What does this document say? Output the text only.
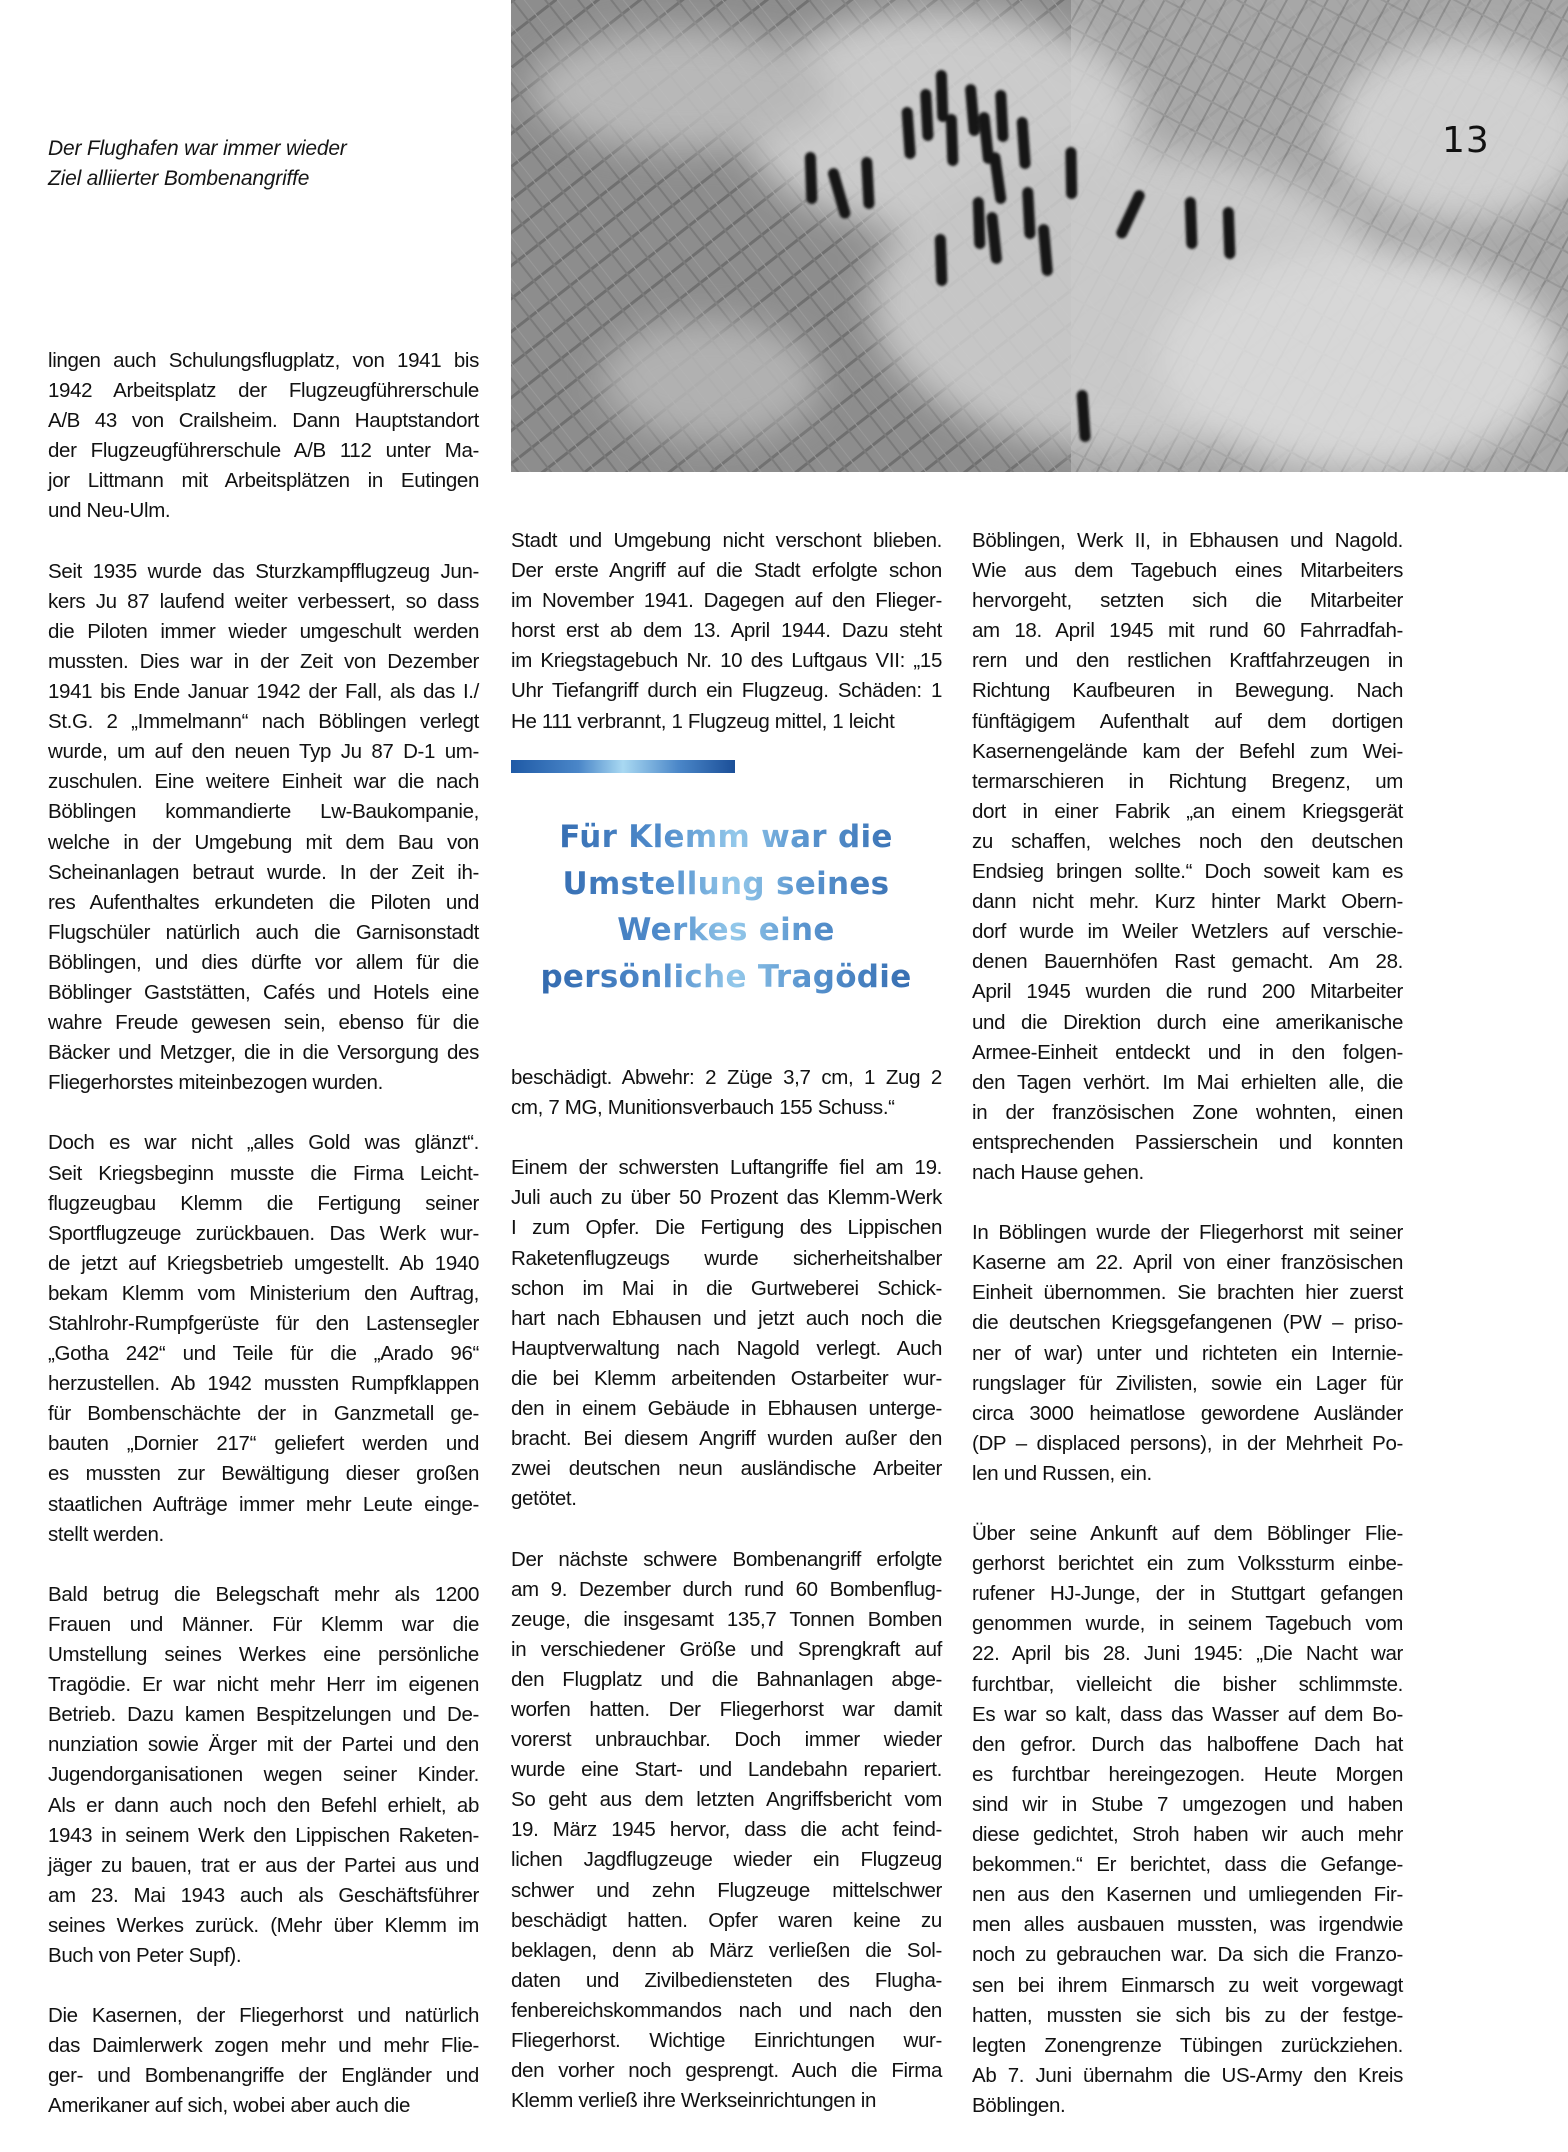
13
Der Flughafen war immer wieder
Ziel alliierter Bombenangriffe
lingen auch Schulungsflugplatz, von 1941 bis
1942 Arbeitsplatz der Flugzeugführerschule
A/B 43 von Crailsheim. Dann Hauptstandort
der Flugzeugführerschule A/B 112 unter Ma-
jor Littmann mit Arbeitsplätzen in Eutingen
und Neu-Ulm.
Seit 1935 wurde das Sturzkampfflugzeug Jun-
kers Ju 87 laufend weiter verbessert, so dass
die Piloten immer wieder umgeschult werden
mussten. Dies war in der Zeit von Dezember
1941 bis Ende Januar 1942 der Fall, als das I./
St.G. 2 „Immelmann“ nach Böblingen verlegt
wurde, um auf den neuen Typ Ju 87 D-1 um-
zuschulen. Eine weitere Einheit war die nach
Böblingen kommandierte Lw-Baukompanie,
welche in der Umgebung mit dem Bau von
Scheinanlagen betraut wurde. In der Zeit ih-
res Aufenthaltes erkundeten die Piloten und
Flugschüler natürlich auch die Garnisonstadt
Böblingen, und dies dürfte vor allem für die
Böblinger Gaststätten, Cafés und Hotels eine
wahre Freude gewesen sein, ebenso für die
Bäcker und Metzger, die in die Versorgung des
Fliegerhorstes miteinbezogen wurden.
Doch es war nicht „alles Gold was glänzt“.
Seit Kriegsbeginn musste die Firma Leicht-
flugzeugbau Klemm die Fertigung seiner
Sportflugzeuge zurückbauen. Das Werk wur-
de jetzt auf Kriegsbetrieb umgestellt. Ab 1940
bekam Klemm vom Ministerium den Auftrag,
Stahlrohr-Rumpfgerüste für den Lastensegler
„Gotha 242“ und Teile für die „Arado 96“
herzustellen. Ab 1942 mussten Rumpfklappen
für Bombenschächte der in Ganzmetall ge-
bauten „Dornier 217“ geliefert werden und
es mussten zur Bewältigung dieser großen
staatlichen Aufträge immer mehr Leute einge-
stellt werden.
Bald betrug die Belegschaft mehr als 1200
Frauen und Männer. Für Klemm war die
Umstellung seines Werkes eine persönliche
Tragödie. Er war nicht mehr Herr im eigenen
Betrieb. Dazu kamen Bespitzelungen und De-
nunziation sowie Ärger mit der Partei und den
Jugendorganisationen wegen seiner Kinder.
Als er dann auch noch den Befehl erhielt, ab
1943 in seinem Werk den Lippischen Raketen-
jäger zu bauen, trat er aus der Partei aus und
am 23. Mai 1943 auch als Geschäftsführer
seines Werkes zurück. (Mehr über Klemm im
Buch von Peter Supf).
Die Kasernen, der Fliegerhorst und natürlich
das Daimlerwerk zogen mehr und mehr Flie-
ger- und Bombenangriffe der Engländer und
Amerikaner auf sich, wobei aber auch die
Stadt und Umgebung nicht verschont blieben.
Der erste Angriff auf die Stadt erfolgte schon
im November 1941. Dagegen auf den Flieger-
horst erst ab dem 13. April 1944. Dazu steht
im Kriegstagebuch Nr. 10 des Luftgaus VII: „15
Uhr Tiefangriff durch ein Flugzeug. Schäden: 1
He 111 verbrannt, 1 Flugzeug mittel, 1 leicht
Für Klemm war die
Umstellung seines
Werkes eine
persönliche Tragödie
beschädigt. Abwehr: 2 Züge 3,7 cm, 1 Zug 2
cm, 7 MG, Munitionsverbauch 155 Schuss.“
Einem der schwersten Luftangriffe fiel am 19.
Juli auch zu über 50 Prozent das Klemm-Werk
I zum Opfer. Die Fertigung des Lippischen
Raketenflugzeugs wurde sicherheitshalber
schon im Mai in die Gurtweberei Schick-
hart nach Ebhausen und jetzt auch noch die
Hauptverwaltung nach Nagold verlegt. Auch
die bei Klemm arbeitenden Ostarbeiter wur-
den in einem Gebäude in Ebhausen unterge-
bracht. Bei diesem Angriff wurden außer den
zwei deutschen neun ausländische Arbeiter
getötet.
Der nächste schwere Bombenangriff erfolgte
am 9. Dezember durch rund 60 Bombenflug-
zeuge, die insgesamt 135,7 Tonnen Bomben
in verschiedener Größe und Sprengkraft auf
den Flugplatz und die Bahnanlagen abge-
worfen hatten. Der Fliegerhorst war damit
vorerst unbrauchbar. Doch immer wieder
wurde eine Start- und Landebahn repariert.
So geht aus dem letzten Angriffsbericht vom
19. März 1945 hervor, dass die acht feind-
lichen Jagdflugzeuge wieder ein Flugzeug
schwer und zehn Flugzeuge mittelschwer
beschädigt hatten. Opfer waren keine zu
beklagen, denn ab März verließen die Sol-
daten und Zivilbediensteten des Flugha-
fenbereichskommandos nach und nach den
Fliegerhorst. Wichtige Einrichtungen wur-
den vorher noch gesprengt. Auch die Firma
Klemm verließ ihre Werkseinrichtungen in
Böblingen, Werk II, in Ebhausen und Nagold.
Wie aus dem Tagebuch eines Mitarbeiters
hervorgeht, setzten sich die Mitarbeiter
am 18. April 1945 mit rund 60 Fahrradfah-
rern und den restlichen Kraftfahrzeugen in
Richtung Kaufbeuren in Bewegung. Nach
fünftägigem Aufenthalt auf dem dortigen
Kasernengelände kam der Befehl zum Wei-
termarschieren in Richtung Bregenz, um
dort in einer Fabrik „an einem Kriegsgerät
zu schaffen, welches noch den deutschen
Endsieg bringen sollte.“ Doch soweit kam es
dann nicht mehr. Kurz hinter Markt Obern-
dorf wurde im Weiler Wetzlers auf verschie-
denen Bauernhöfen Rast gemacht. Am 28.
April 1945 wurden die rund 200 Mitarbeiter
und die Direktion durch eine amerikanische
Armee-Einheit entdeckt und in den folgen-
den Tagen verhört. Im Mai erhielten alle, die
in der französischen Zone wohnten, einen
entsprechenden Passierschein und konnten
nach Hause gehen.
In Böblingen wurde der Fliegerhorst mit seiner
Kaserne am 22. April von einer französischen
Einheit übernommen. Sie brachten hier zuerst
die deutschen Kriegsgefangenen (PW – priso-
ner of war) unter und richteten ein Internie-
rungslager für Zivilisten, sowie ein Lager für
circa 3000 heimatlose gewordene Ausländer
(DP – displaced persons), in der Mehrheit Po-
len und Russen, ein.
Über seine Ankunft auf dem Böblinger Flie-
gerhorst berichtet ein zum Volkssturm einbe-
rufener HJ-Junge, der in Stuttgart gefangen
genommen wurde, in seinem Tagebuch vom
22. April bis 28. Juni 1945: „Die Nacht war
furchtbar, vielleicht die bisher schlimmste.
Es war so kalt, dass das Wasser auf dem Bo-
den gefror. Durch das halboffene Dach hat
es furchtbar hereingezogen. Heute Morgen
sind wir in Stube 7 umgezogen und haben
diese gedichtet, Stroh haben wir auch mehr
bekommen.“ Er berichtet, dass die Gefange-
nen aus den Kasernen und umliegenden Fir-
men alles ausbauen mussten, was irgendwie
noch zu gebrauchen war. Da sich die Franzo-
sen bei ihrem Einmarsch zu weit vorgewagt
hatten, mussten sie sich bis zu der festge-
legten Zonengrenze Tübingen zurückziehen.
Ab 7. Juni übernahm die US-Army den Kreis
Böblingen.
